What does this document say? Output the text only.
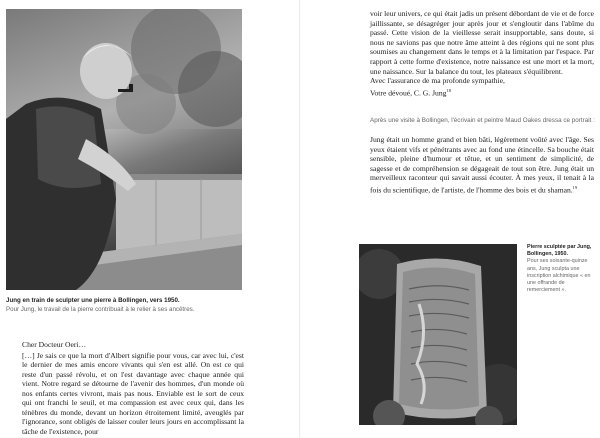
Jung en train de sculpter une pierre à Bollingen, vers 1950.
Pour Jung, le travail de la pierre contribuait à le relier à ses ancêtres.

Cher Docteur Oeri…

[…] Je sais ce que la mort d'Albert signifie pour vous, car avec lui, c'est le dernier de mes amis encore vivants qui s'en est allé. On est ce qui reste d'un passé révolu, et on l'est davantage avec chaque année qui vient. Notre regard se détourne de l'avenir des hommes, d'un monde où nos enfants certes vivront, mais pas nous. Enviable est le sort de ceux qui ont franchi le seuil, et ma compassion est avec ceux qui, dans les ténèbres du monde, devant un horizon étroitement limité, aveuglés par l'ignorance, sont obligés de laisser couler leurs jours en accomplissant la tâche de l'existence, pour

voir leur univers, ce qui était jadis un présent débordant de vie et de force jaillissante, se désagréger jour après jour et s'engloutir dans l'abîme du passé. Cette vision de la vieillesse serait insupportable, sans doute, si nous ne savions pas que notre âme atteint à des régions qui ne sont plus soumises au changement dans le temps et à la limitation par l'espace. Par rapport à cette forme d'existence, notre naissance est une mort et la mort, une naissance. Sur la balance du tout, les plateaux s'équilibrent.

Avec l'assurance de ma profonde sympathie,

Votre dévoué, C. G. Jung$^{18}$

Après une visite à Bollingen, l'écrivain et peintre Maud Oakes dressa ce portrait :

Jung était un homme grand et bien bâti, légèrement voûté avec l'âge. Ses yeux étaient vifs et pénétrants avec au fond une étincelle. Sa bouche était sensible, pleine d'humour et têtue, et un sentiment de simplicité, de sagesse et de compréhension se dégageait de tout son être. Jung était un merveilleux raconteur qui savait aussi écouter. À mes yeux, il tenait à la fois du scientifique, de l'artiste, de l'homme des bois et du shaman.$^{19}$

Pierre sculptée par Jung, Bollingen, 1950.
Pour ses soixante-quinze ans, Jung sculpta une inscription alchimique « en une offrande de remerciement ».
